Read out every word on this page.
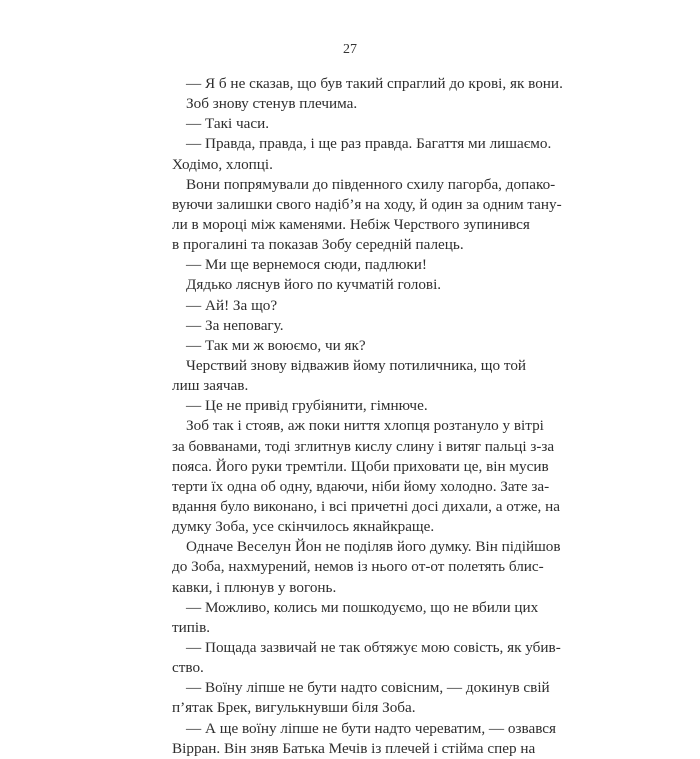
27
— Я б не сказав, що був такий спраглий до крові, як вони.
Зоб знову стенув плечима.
— Такі часи.
— Правда, правда, і ще раз правда. Багаття ми лишаємо.
Ходімо, хлопці.
Вони попрямували до південного схилу пагорба, допако-
вуючи залишки свого надіб’я на ходу, й один за одним тану-
ли в мороці між каменями. Небіж Черствого зупинився
в прогалині та показав Зобу середній палець.
— Ми ще вернемося сюди, падлюки!
Дядько ляснув його по кучматій голові.
— Ай! За що?
— За неповагу.
— Так ми ж воюємо, чи як?
Черствий знову відважив йому потиличника, що той
лиш заячав.
— Це не привід грубіянити, гімнюче.
Зоб так і стояв, аж поки ниття хлопця розтануло у вітрі
за бовванами, тоді зглитнув кислу слину і витяг пальці з-за
пояса. Його руки тремтіли. Щоби приховати це, він мусив
терти їх одна об одну, вдаючи, ніби йому холодно. Зате за-
вдання було виконано, і всі причетні досі дихали, а отже, на
думку Зоба, усе скінчилось якнайкраще.
Одначе Веселун Йон не поділяв його думку. Він підійшов
до Зоба, нахмурений, немов із нього от-от полетять блис-
кавки, і плюнув у вогонь.
— Можливо, колись ми пошкодуємо, що не вбили цих
типів.
— Пощада зазвичай не так обтяжує мою совість, як убив-
ство.
— Воїну ліпше не бути надто совісним, — докинув свій
п’ятак Брек, вигулькнувши біля Зоба.
— А ще воїну ліпше не бути надто череватим, — озвався
Вірран. Він зняв Батька Мечів із плечей і стійма спер на
